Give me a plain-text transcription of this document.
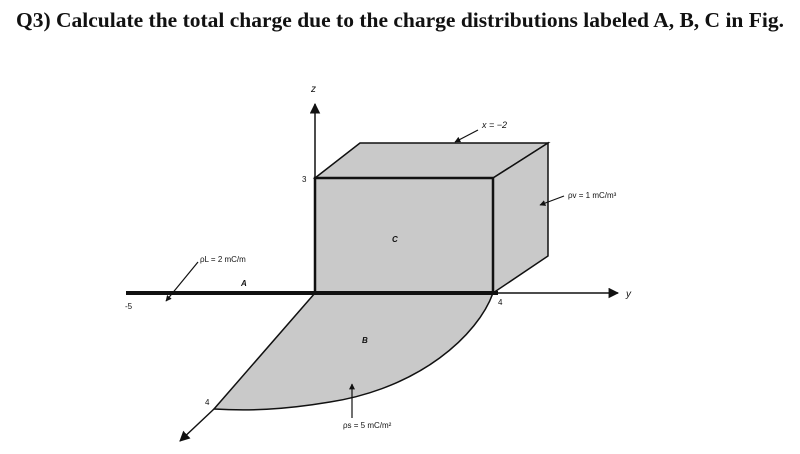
Q3) Calculate the total charge due to the charge distributions labeled A, B, C in Fig.

z
y
3
4
4
-5
x = −2
A
B
C
ρL = 2 mC/m
ρv = 1 mC/m³
ρs = 5 mC/m²
